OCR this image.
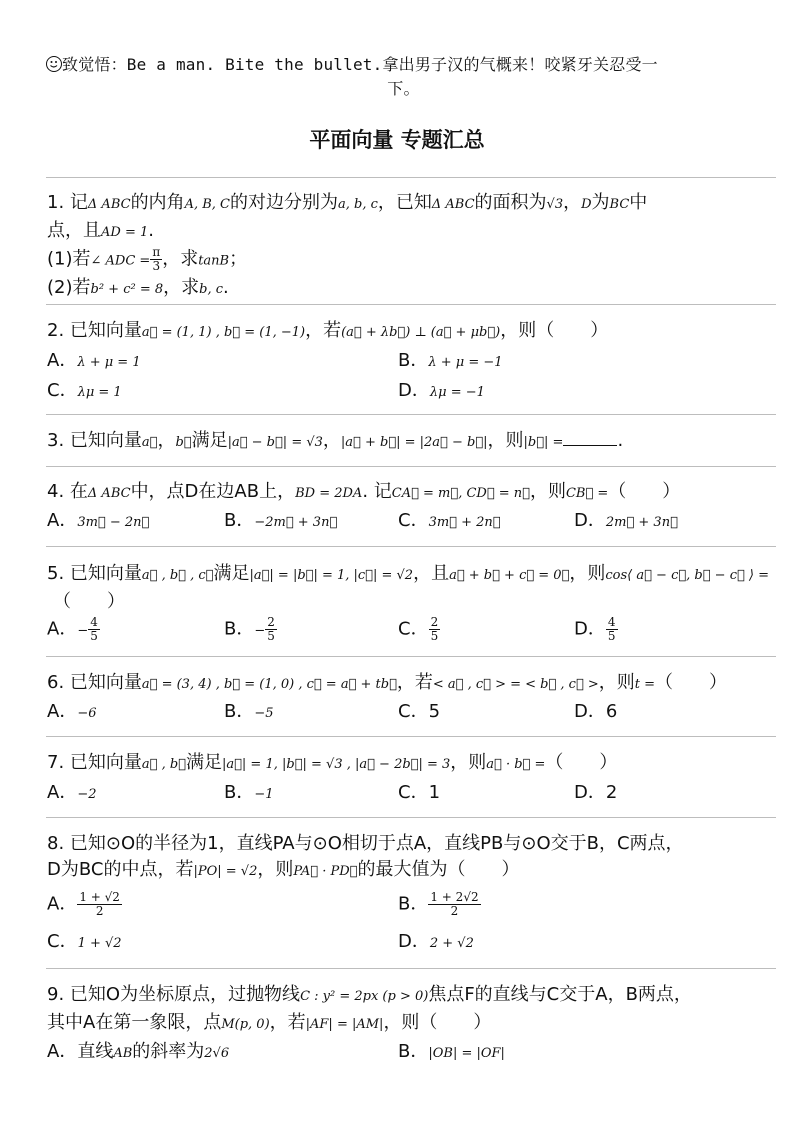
致觉悟：Be a man. Bite the bullet.拿出男子汉的气概来！咬紧牙关忍受一
下。
平面向量 专题汇总
1. 记Δ ABC的内角A, B, C的对边分别为a, b, c，已知Δ ABC的面积为√3，D为BC中
点，且AD = 1.
(1)若∠ ADC = $\frac{\pi}{3}$ ，求tanB；
(2)若b² + c² = 8，求b, c.
2. 已知向量a⃗ = (1, 1) , b⃗ = (1, −1)，若(a⃗ + λb⃗) ⊥ (a⃗ + μb⃗)，则（　　）
A．λ + μ = 1	B．λ + μ = −1
C．λμ = 1	D．λμ = −1
3. 已知向量a⃗，b⃗满足|a⃗ − b⃗| = √3，|a⃗ + b⃗| = |2a⃗ − b⃗|，则|b⃗| =	.
4. 在Δ ABC中，点D在边AB上，BD = 2DA. 记CA⃗ = m⃗, CD⃗ = n⃗，则CB⃗ =（　　）
A．3m⃗ − 2n⃗	B．−2m⃗ + 3n⃗	C．3m⃗ + 2n⃗	D．2m⃗ + 3n⃗
5. 已知向量a⃗ , b⃗ , c⃗满足|a⃗| = |b⃗| = 1, |c⃗| = √2，且a⃗ + b⃗ + c⃗ = 0⃗，则cos⟨ a⃗ − c⃗, b⃗ − c⃗ ⟩ =
（　　）
A．− $\frac{4}{5}$	B．− $\frac{2}{5}$	C． $\frac{2}{5}$	D． $\frac{4}{5}$
6. 已知向量a⃗ = (3, 4) , b⃗ = (1, 0) , c⃗ = a⃗ + tb⃗，若< a⃗ , c⃗ > = < b⃗ , c⃗ >，则t =（　　）
A．−6	B．−5	C．5	D．6
7. 已知向量a⃗ , b⃗满足|a⃗| = 1, |b⃗| = √3 , |a⃗ − 2b⃗| = 3，则a⃗ · b⃗ =（　　）
A．−2	B．−1	C．1	D．2
8. 已知⊙O的半径为1，直线PA与⊙O相切于点A，直线PB与⊙O交于B，C两点，
D为BC的中点，若|PO| = √2，则PA⃗ · PD⃗的最大值为（　　）
A． $\frac{1 + √2}{2}$	B． $\frac{1 + 2√2}{2}$
C．1 + √2	D．2 + √2
9. 已知O为坐标原点，过抛物线C : y² = 2px (p > 0)焦点F的直线与C交于A，B两点，
其中A在第一象限，点M(p, 0)，若|AF| = |AM|，则（　　）
A．直线AB的斜率为2√6	B．|OB| = |OF|
